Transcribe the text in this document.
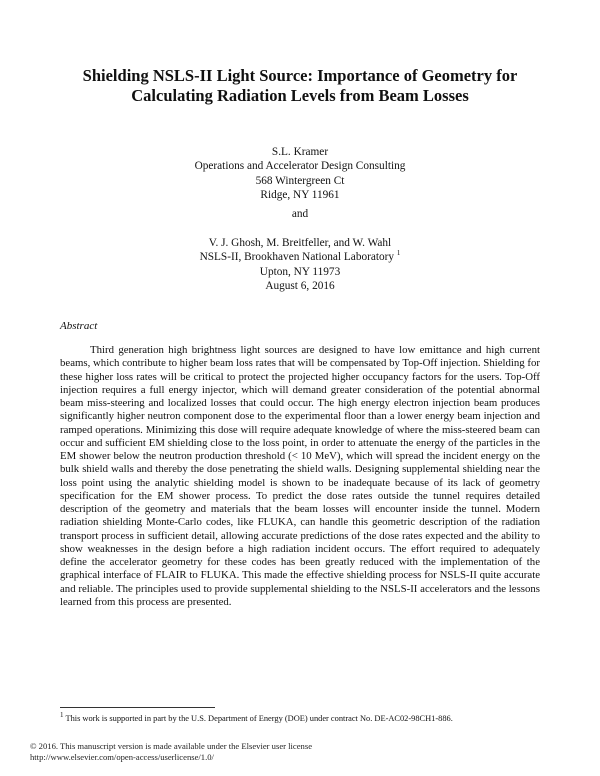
Shielding NSLS-II Light Source: Importance of Geometry for
Calculating Radiation Levels from Beam Losses
S.L. Kramer
Operations and Accelerator Design Consulting
568 Wintergreen Ct
Ridge, NY 11961
and
V. J. Ghosh, M. Breitfeller, and W. Wahl
NSLS-II, Brookhaven National Laboratory $^1$
Upton, NY 11973
August 6, 2016
Abstract

Third generation high brightness light sources are designed to have low emittance and high current beams, which contribute to higher beam loss rates that will be compensated by Top-Off injection. Shielding for these higher loss rates will be critical to protect the projected higher occupancy factors for the users. Top-Off injection requires a full energy injector, which will demand greater consideration of the potential abnormal beam miss-steering and localized losses that could occur. The high energy electron injection beam produces significantly higher neutron component dose to the experimental floor than a lower energy beam injection and ramped operations. Minimizing this dose will require adequate knowledge of where the miss-steered beam can occur and sufficient EM shielding close to the loss point, in order to attenuate the energy of the particles in the EM shower below the neutron production threshold (< 10 MeV), which will spread the incident energy on the bulk shield walls and thereby the dose penetrating the shield walls. Designing supplemental shielding near the loss point using the analytic shielding model is shown to be inadequate because of its lack of geometry specification for the EM shower process. To predict the dose rates outside the tunnel requires detailed description of the geometry and materials that the beam losses will encounter inside the tunnel. Modern radiation shielding Monte-Carlo codes, like FLUKA, can handle this geometric description of the radiation transport process in sufficient detail, allowing accurate predictions of the dose rates expected and the ability to show weaknesses in the design before a high radiation incident occurs. The effort required to adequately define the accelerator geometry for these codes has been greatly reduced with the implementation of the graphical interface of FLAIR to FLUKA. This made the effective shielding process for NSLS-II quite accurate and reliable. The principles used to provide supplemental shielding to the NSLS-II accelerators and the lessons learned from this process are presented.

$^1$ This work is supported in part by the U.S. Department of Energy (DOE) under contract No. DE-AC02-98CH1-886.
© 2016. This manuscript version is made available under the Elsevier user license
http://www.elsevier.com/open-access/userlicense/1.0/
